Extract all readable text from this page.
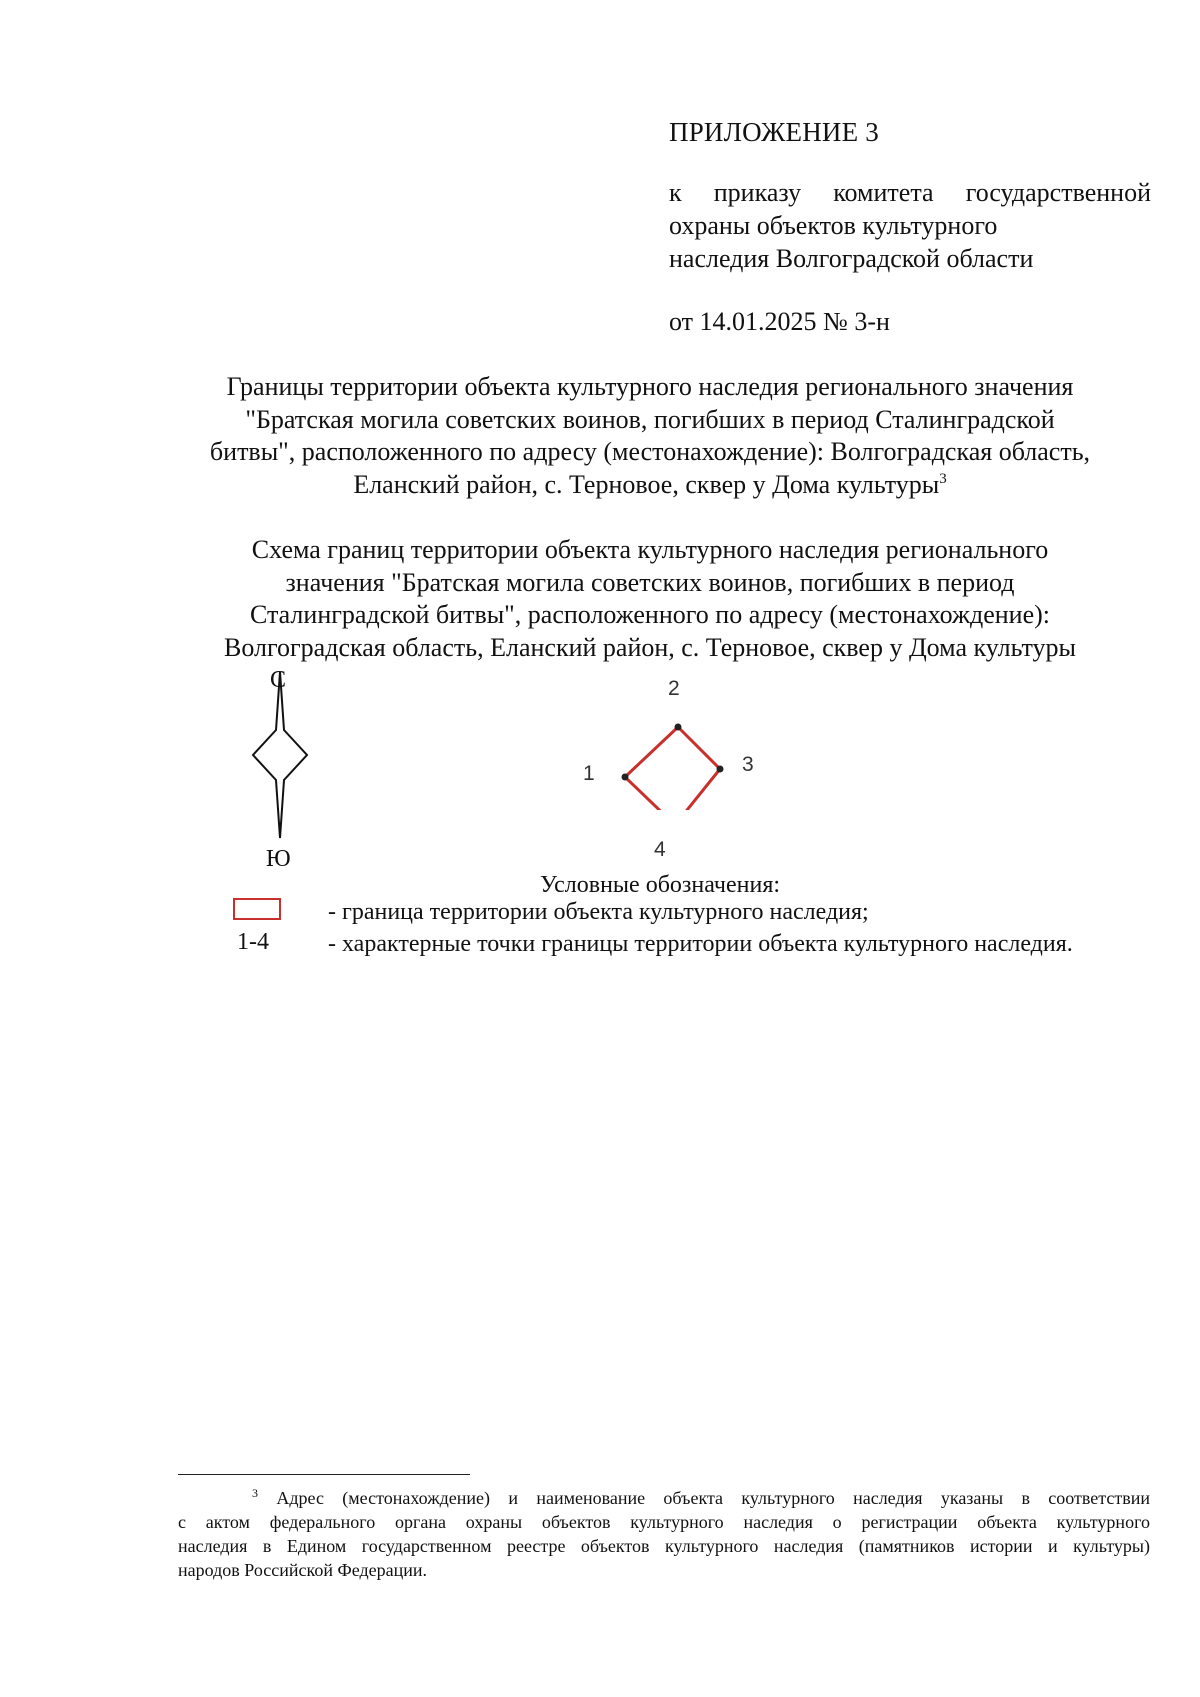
ПРИЛОЖЕНИЕ 3
к приказу комитета государственной
охраны объектов культурного
наследия Волгоградской области
от 14.01.2025 № 3-н
Границы территории объекта культурного наследия регионального значения
"Братская могила советских воинов, погибших в период Сталинградской
битвы", расположенного по адресу (местонахождение): Волгоградская область,
Еланский район, с. Терновое, сквер у Дома культуры$^3$
Схема границ территории объекта культурного наследия регионального
значения "Братская могила советских воинов, погибших в период
Сталинградской битвы", расположенного по адресу (местонахождение):
Волгоградская область, Еланский район, с. Терновое, сквер у Дома культуры
С
Ю
2
1	3
4
Условные обозначения:
- граница территории объекта культурного наследия;
1-4 - характерные точки границы территории объекта культурного наследия.
$^3$ Адрес (местонахождение) и наименование объекта культурного наследия указаны в соответствии
с актом федерального органа охраны объектов культурного наследия о регистрации объекта культурного
наследия в Едином государственном реестре объектов культурного наследия (памятников истории и культуры)
народов Российской Федерации.
